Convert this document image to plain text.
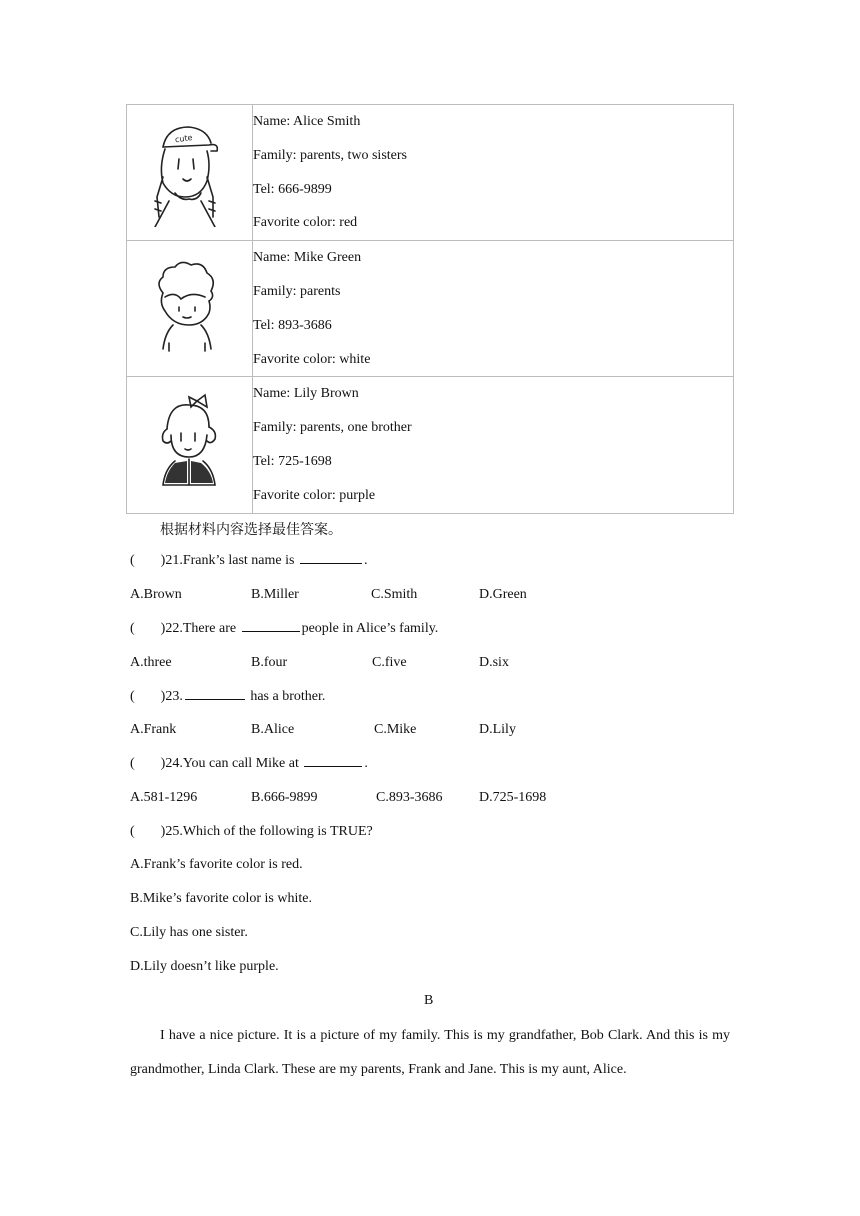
cute	Name: Alice Smith
Family: parents, two sisters
Tel: 666-9899
Favorite color: red

Name: Mike Green
Family: parents
Tel: 893-3686
Favorite color: white

Name: Lily Brown
Family: parents, one brother
Tel: 725-1698
Favorite color: purple
根据材料内容选择最佳答案。
( )21.Frank’s last name is	.
A.Brown	B.Miller	C.Smith	D.Green
( )22.There are	people in Alice’s family.
A.three	B.four	C.five	D.six
( )23.	has a brother.
A.Frank	B.Alice	C.Mike	D.Lily
( )24.You can call Mike at	.
A.581-1296	B.666-9899	C.893-3686	D.725-1698
( )25.Which of the following is TRUE?
A.Frank’s favorite color is red.
B.Mike’s favorite color is white.
C.Lily has one sister.
D.Lily doesn’t like purple.
B
I have a nice picture. It is a picture of my family. This is my grandfather, Bob Clark. And this is my grandmother, Linda Clark. These are my parents, Frank and Jane. This is my aunt, Alice.
